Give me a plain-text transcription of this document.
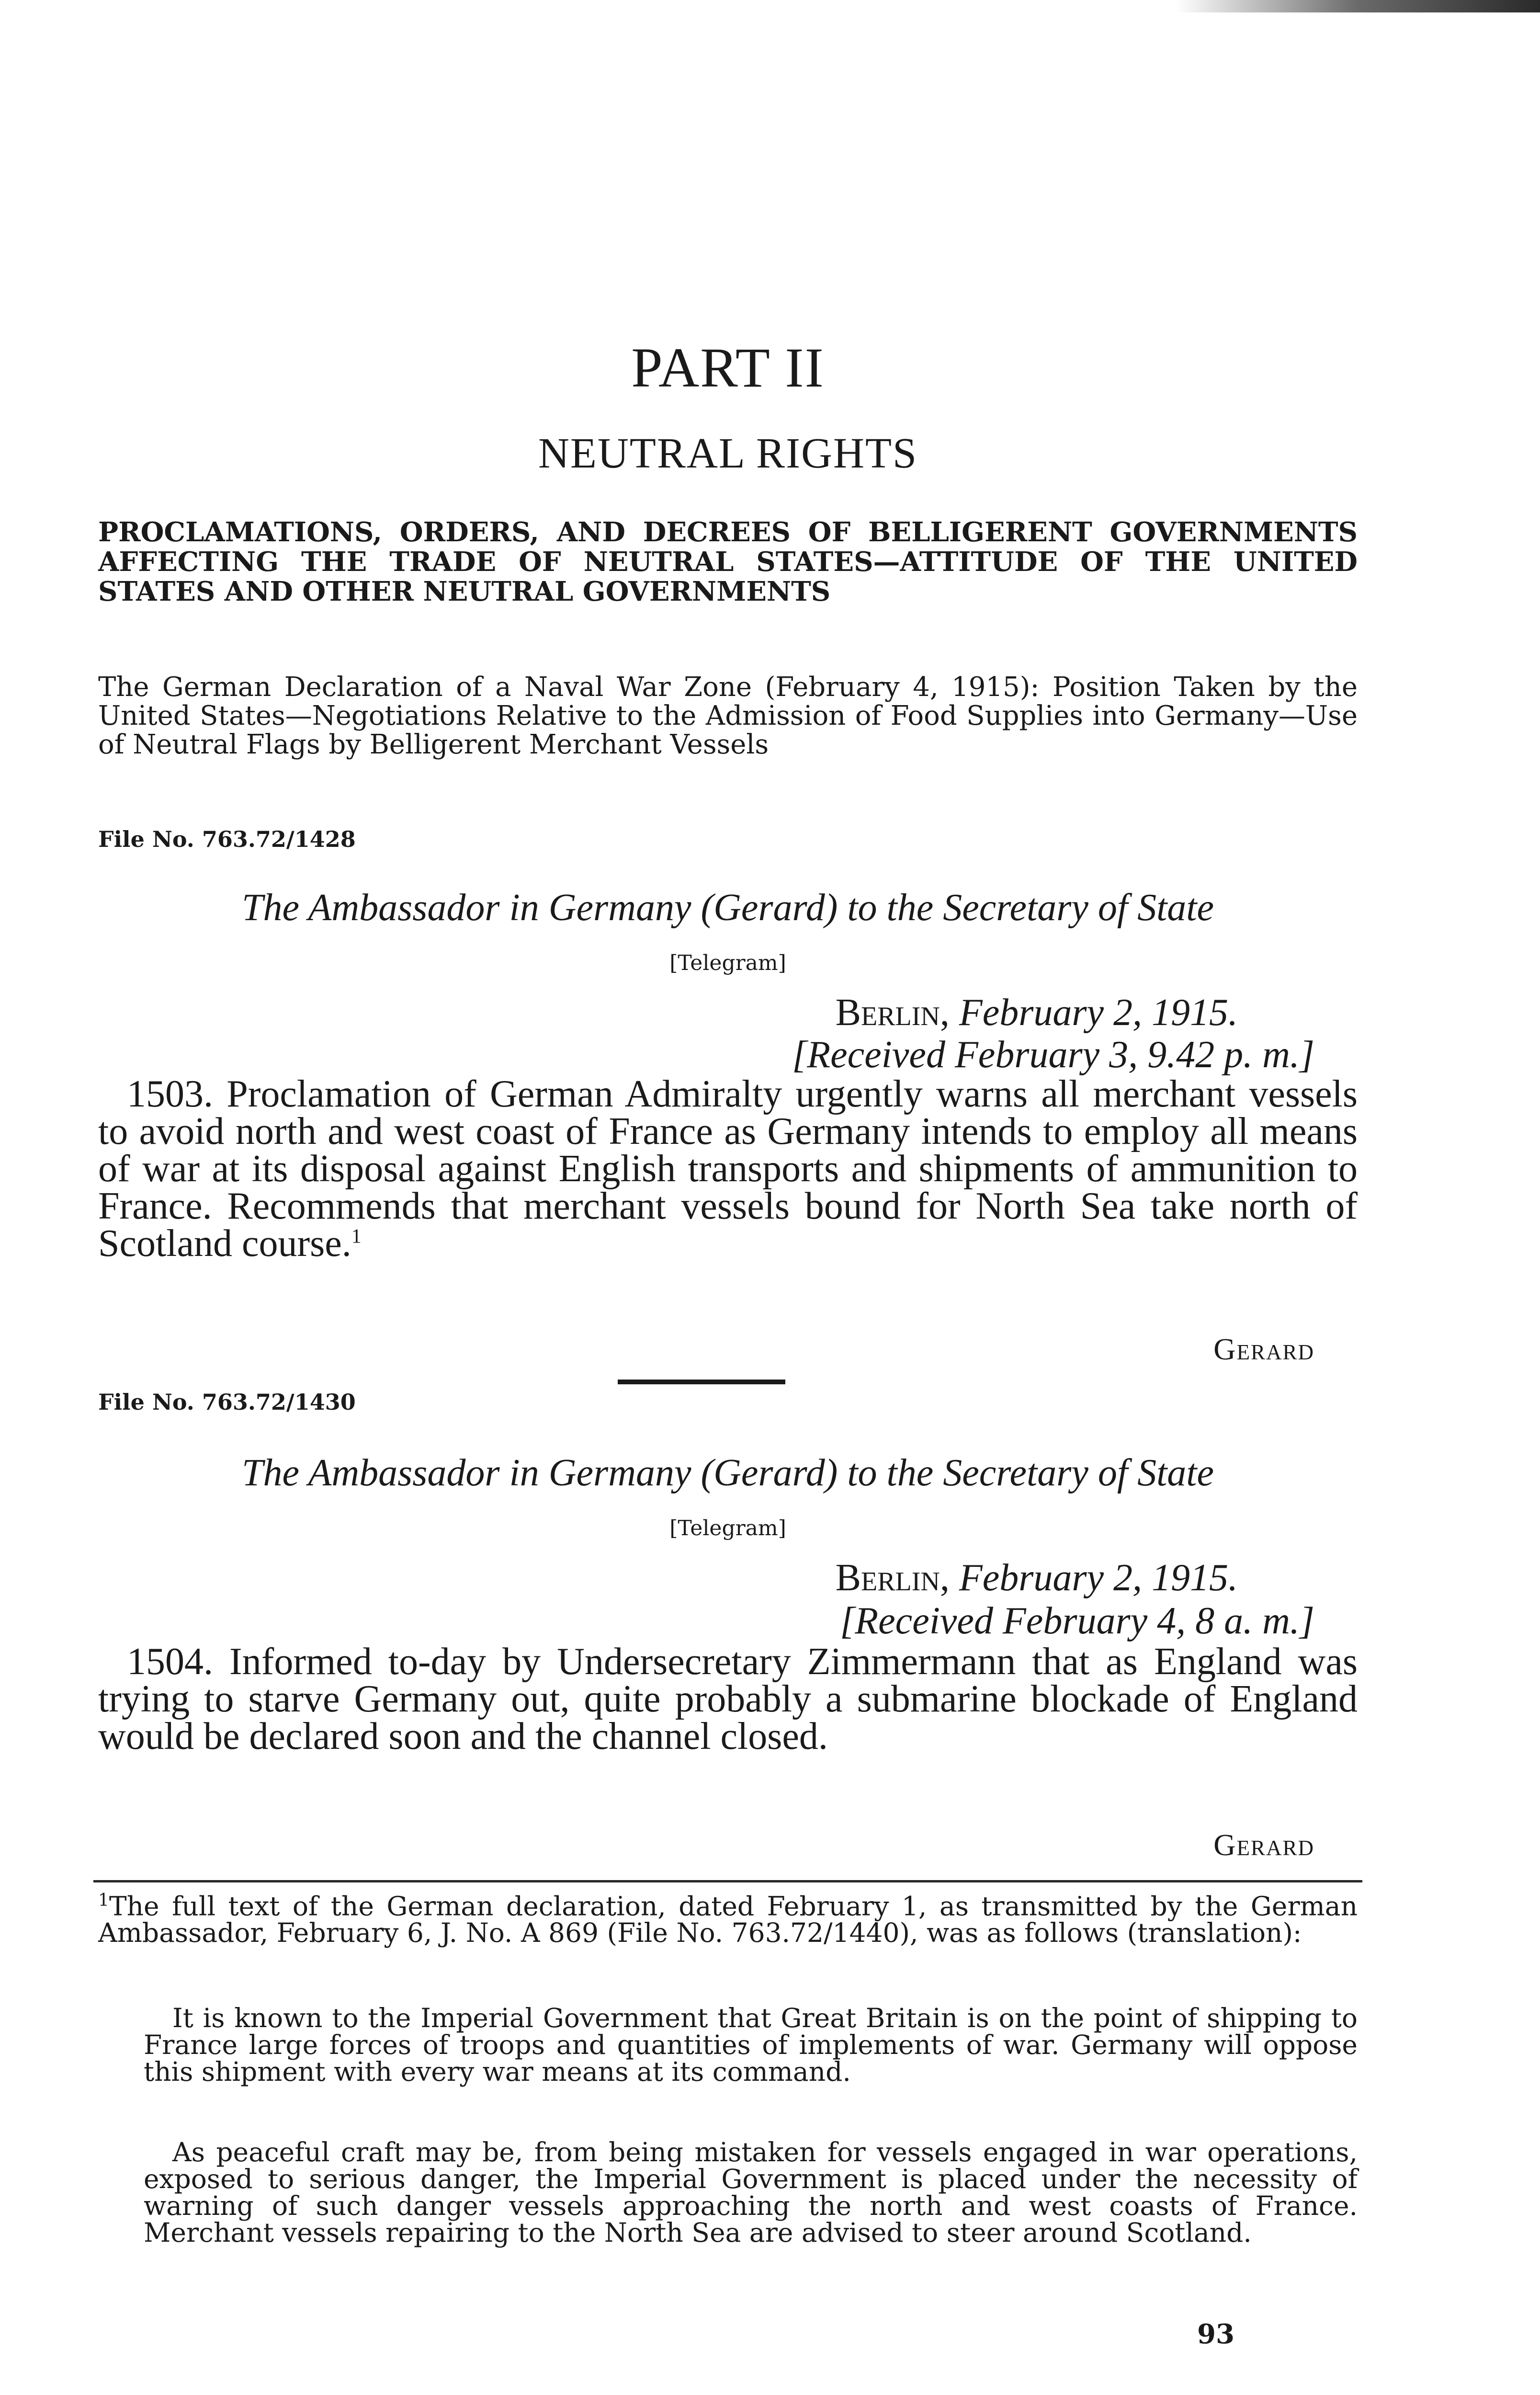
PART II
NEUTRAL RIGHTS
PROCLAMATIONS, ORDERS, AND DECREES OF BELLIGERENT GOVERNMENTS AFFECTING THE TRADE OF NEUTRAL STATES—ATTITUDE OF THE UNITED STATES AND OTHER NEUTRAL GOVERNMENTS
The German Declaration of a Naval War Zone (February 4, 1915): Position Taken by the United States—Negotiations Relative to the Admission of Food Supplies into Germany—Use of Neutral Flags by Belligerent Merchant Vessels
File No. 763.72/1428
The Ambassador in Germany (Gerard) to the Secretary of State
[Telegram]
Berlin, February 2, 1915.
[Received February 3, 9.42 p. m.]
1503. Proclamation of German Admiralty urgently warns all merchant vessels to avoid north and west coast of France as Germany intends to employ all means of war at its disposal against English transports and shipments of ammunition to France. Recommends that merchant vessels bound for North Sea take north of Scotland course.$^1$
Gerard
File No. 763.72/1430
The Ambassador in Germany (Gerard) to the Secretary of State
[Telegram]
Berlin, February 2, 1915.
[Received February 4, 8 a. m.]
1504. Informed to-day by Undersecretary Zimmermann that as England was trying to starve Germany out, quite probably a submarine blockade of England would be declared soon and the channel closed.
Gerard
$^1$The full text of the German declaration, dated February 1, as transmitted by the German Ambassador, February 6, J. No. A 869 (File No. 763.72/1440), was as follows (translation):
It is known to the Imperial Government that Great Britain is on the point of shipping to France large forces of troops and quantities of implements of war. Germany will oppose this shipment with every war means at its command.
As peaceful craft may be, from being mistaken for vessels engaged in war operations, exposed to serious danger, the Imperial Government is placed under the necessity of warning of such danger vessels approaching the north and west coasts of France. Merchant vessels repairing to the North Sea are advised to steer around Scotland.
93
